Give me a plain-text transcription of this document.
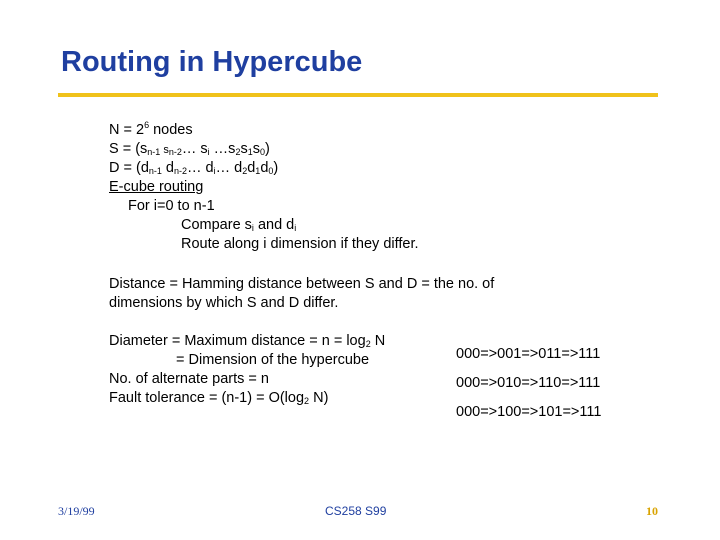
Routing in Hypercube
$N = 2^6$ nodes
$S = (s_{n-1}$ $s_{n-2}\dots$ $s_i$ $\dots s_2s_1s_0$)
$D = (d_{n-1}$ $d_{n-2}\dots$ $d_i\dots$ $d_2d_1d_0$)
E-cube routing
For i=0 to n-1
Compare $s_i$ and $d_i$
Route along i dimension if they differ.
Distance = Hamming distance between S and D = the no. of
dimensions by which S and D differ.
Diameter = Maximum distance = $n = \log_2 N$
= Dimension of the hypercube
No. of alternate parts = n
Fault tolerance = $(n-1) = O(\log_2$ N)
000=>001=>011=>111
000=>010=>110=>111
000=>100=>101=>111
3/19/99	CS258 S99	10
